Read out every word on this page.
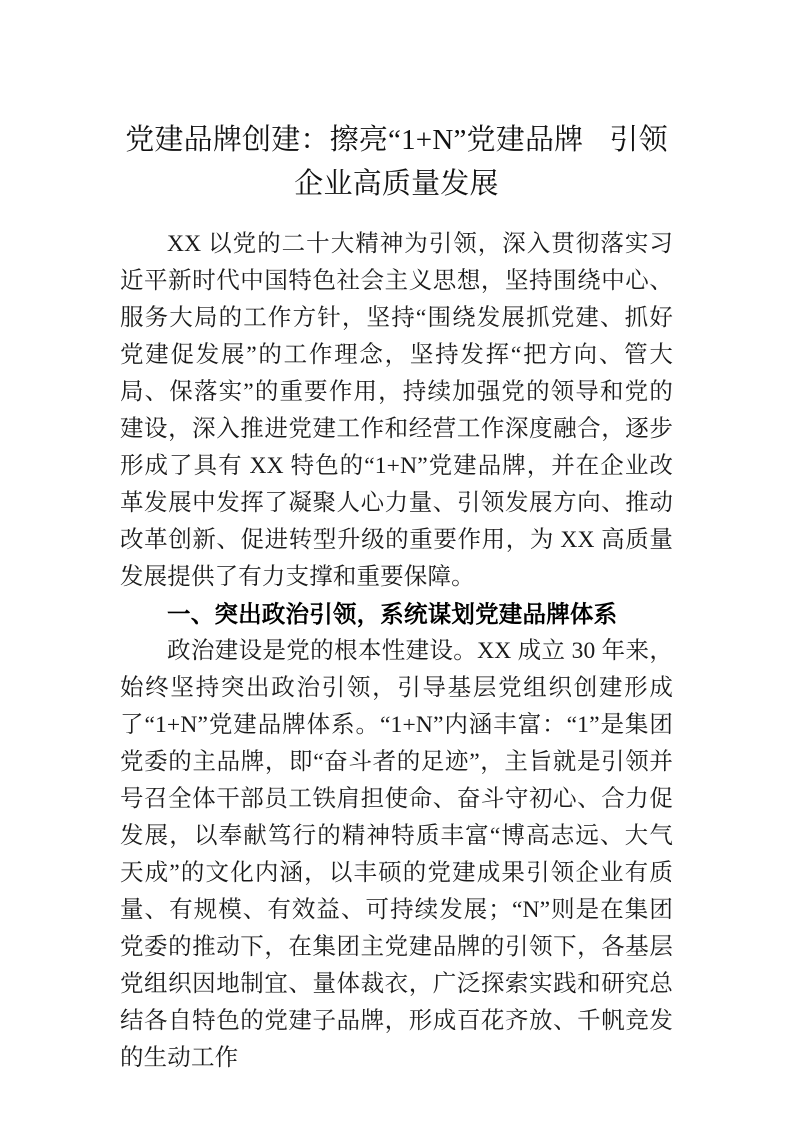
党建品牌创建：擦亮“1+N”党建品牌 引领
企业高质量发展

XX 以党的二十大精神为引领，深入贯彻落实习近平新时代中国特色社会主义思想，坚持围绕中心、服务大局的工作方针，坚持“围绕发展抓党建、抓好党建促发展”的工作理念，坚持发挥“把方向、管大局、保落实”的重要作用，持续加强党的领导和党的建设，深入推进党建工作和经营工作深度融合，逐步形成了具有 XX 特色的“1+N”党建品牌，并在企业改革发展中发挥了凝聚人心力量、引领发展方向、推动改革创新、促进转型升级的重要作用，为 XX 高质量发展提供了有力支撑和重要保障。

一、突出政治引领，系统谋划党建品牌体系

政治建设是党的根本性建设。XX 成立 30 年来，始终坚持突出政治引领，引导基层党组织创建形成了“1+N”党建品牌体系。“1+N”内涵丰富：“1”是集团党委的主品牌，即“奋斗者的足迹”，主旨就是引领并号召全体干部员工铁肩担使命、奋斗守初心、合力促发展，以奉献笃行的精神特质丰富“博高志远、大气天成”的文化内涵，以丰硕的党建成果引领企业有质量、有规模、有效益、可持续发展；“N”则是在集团党委的推动下，在集团主党建品牌的引领下，各基层党组织因地制宜、量体裁衣，广泛探索实践和研究总结各自特色的党建子品牌，形成百花齐放、千帆竞发的生动工作
